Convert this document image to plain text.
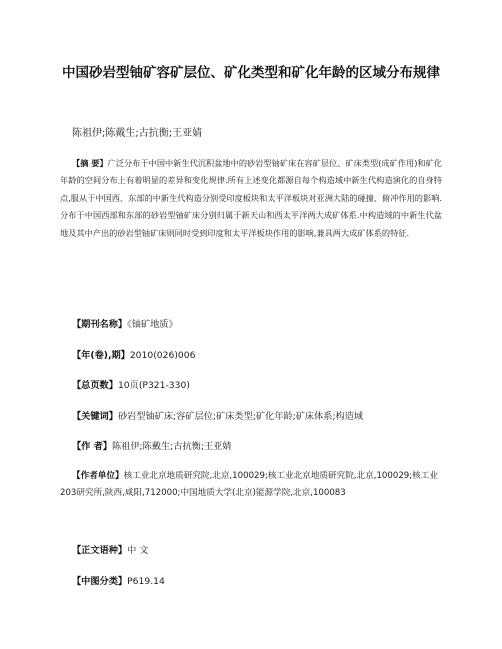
中国砂岩型铀矿容矿层位、矿化类型和矿化年龄的区域分布规律

陈祖伊;陈戴生;古抗衡;王亚婧

【摘 要】广泛分布于中国中新生代沉积盆地中的砂岩型铀矿床在容矿层位、矿床类型(成矿作用)和矿化年龄的空间分布上有着明显的差异和变化规律.所有上述变化都源自每个构造域中新生代构造演化的自身特点,服从于中国西、东部的中新生代构造分别受印度板块和太平洋板块对亚洲大陆的碰撞、俯冲作用的影响.分布于中国西部和东部的砂岩型铀矿床分别归属于新天山和西太平洋两大成矿体系.中构造域的中新生代盆地及其中产出的砂岩型铀矿床则同时受到印度和太平洋板块作用的影响,兼具两大成矿体系的特征.

【期刊名称】《铀矿地质》

【年(卷),期】2010(026)006

【总页数】10页(P321-330)

【关键词】砂岩型铀矿床;容矿层位;矿床类型;矿化年龄;矿床体系;构造域

【作 者】陈祖伊;陈戴生;古抗衡;王亚婧

【作者单位】核工业北京地质研究院,北京,100029;核工业北京地质研究院,北京,100029;核工业203研究所,陕西,咸阳,712000;中国地质大学(北京)能源学院,北京,100083

【正文语种】中 文

【中图分类】P619.14
